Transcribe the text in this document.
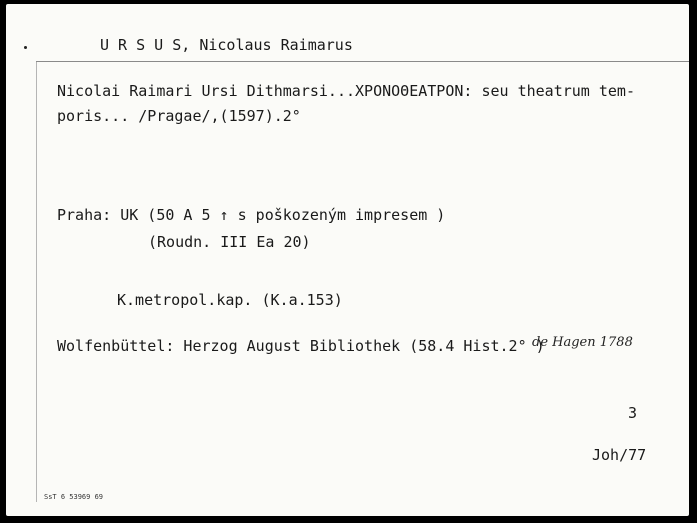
U R S U S, Nicolaus Raimarus
Nicolai Raimari Ursi Dithmarsi...ΧΡΟΝΟΘΕΑΤΡΟΝ: seu theatrum tem-
poris... /Pragae/,(1597).2°
Praha: UK (50 A 5 ↑ s poškozeným impresem )
(Roudn. III Ea 20)
K.metropol.kap. (K.a.153)
Wolfenbüttel: Herzog August Bibliothek (58.4 Hist.2° )
de Hagen 1788
3
Joh/77
SsT 6 53969 69
